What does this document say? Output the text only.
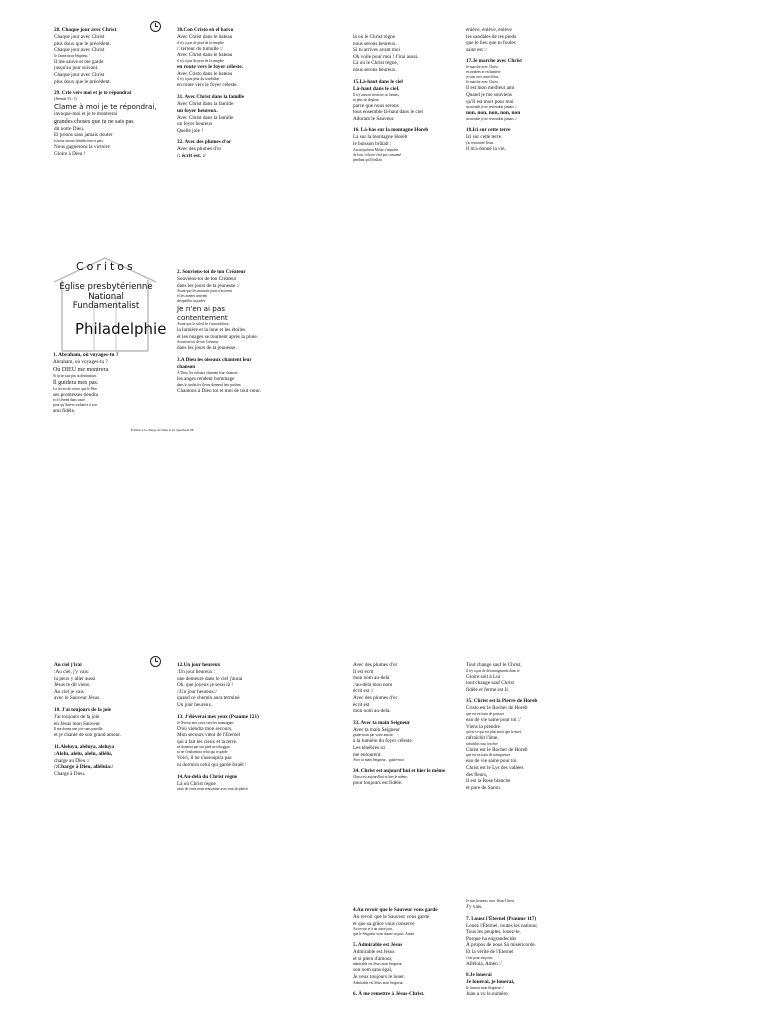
28. Chaque jour avec Christ
Chaque jour avec Christ
plus doux que le précédent.
Chaque jour avec Christ
Je l'aime mon Seigneur,
Il me sauve et me garde
jusqu'au jour suivant.
Chaque jour avec Christ
plus doux que le précédent.
29. Crie vers moi et je te répondrai
(Jérémie 33 : 3)
Clame à moi je te répondrai,
invoque-moi et je te montrerai
grandes choses que tu ne sais pas
dit notre Dieu.
Et prions sans jamais douter
et nous aurons bénédiction et paix.
Nous gagnerons la victoire
Gloire à Dieu !
30.Con Cristo en el barco
Avec Christ dans le bateau
il n'y a pas de peur de la tempête
/: terreur du tumulte :/
Avec Christ dans le bateau
il n'y a pas de peur de la tempête
en route vers le foyer céleste.
Avec Cristo dans le bateau
il n'y a pas peur du tourbillon
en route vers le foyer céleste.
31. Avec Christ dans la famille
Avec Christ dans la famille
un foyer heureux.
Avec Christ dans la famille
un foyer heureux
Quelle joie !
32. Avec des plumes d'or
Avec des plumes d'or
/: écrit est. :/
là où le Christ règne
nous serons heureux.
Si tu arrives avant moi
Oh voile pour moi ! J'irai aussi.
Là où le Christ règne,
nous serons heureux.
15.Là-haut dans le ciel
Là-haut dans le ciel.
Il n'y aura ni tristesse, ni larmes,
ni plus de douleur
parce que nous serons
tous ensemble là-haut dans le ciel
Adorant le Sauveur.
16. Là-bas sur la montagne Horeb
Là sur la montagne Horeb
le buisson brûlait :
Aucun présent Moïse s'inquiète
de loin, cela ne s'est pas consumé
pendant qu'il brûlait
enlève, enlève, enlève
les sandales de tes pieds
que le lieu que tu foules
saint est :/
17.Je marche avec Christ
Je marche avec Christ,
en ombres et en lumière
je suis avec mon Jésus.
Je marche avec Christ,
Il est mon meilleur ami
Quand je me souviens
qu'Il est mort pour moi
au monde je ne reviendrai jamais :/
non, non, non, non, non
au monde je ne reviendrai jamais :/
18.Ici sur cette terre
Ici sur cette terre
j'ai rencontré Jésus
Il m'a donné la vie,
Coritos
Eglise presbytérienne National Fundamentalist
Philadelphie
Édition à la charge de Dieu et D. Quemada 08
1. Abraham, où voyages-tu ?
Abraham, où voyages-tu ?
Où DIEU me montrera.
Si tu ne sais pas ta destination.
Il guidera mes pas.
La foi est de croire que le Père
ses promesses tiendra
et il s'étend dans toute
pour qu'Amen confiance à son
ami fidèle.
2. Souviens-toi de ton Créateur
Souviens-toi de ton Créateur
dans les jours de ta jeunesse :/
Avant que les mauvais jours n'arrivent
et les années arrivent
desquelles tu parles
Je n'en ai pas
contentement
Avant que le soleil ne s'assombrisse,
la lumière et la lune et les étoiles
et les nuages se tournent après la pluie.
Souviens-toi de ton Créateur
dans les jours de ta jeunesse.
3.A Dieu les oiseaux chantent leur
chanson
À Dieu, les oiseaux chantent leur chanson
les anges rendent hommage
dans le jardin les fleurs donnent leur parfum
Chantons à Dieu toi et moi de tout cœur.
Au ciel j'irai
:Au ciel, j'y vais:
tu peux y aller aussi
Jésus te dit viens
Au ciel je vais
avec le Sauveur Jésus.
10. J'ai toujours de la joie
J'ai toujours de la joie
en Jésus mon Sauveur
Il me donne une joie sans pareille
et je chante de son grand amour.
11.Aleluya, aleluya, aleluya
:Alelu, alelu, alelu, allélu,
charge au Dieu :/
/:Charge à Dieu, alléluia:/
Charge à Dieu.
12.Un jour heureux
:Un jour heureux :
une demeure dans le ciel j'aurai
Oh, que joyeux je serai là !
/:Un jour heureux:/
quand ce chemin aura terminé
Un jour heureux.
13. J'élèverai mes yeux (Psaume 121)
Je lèverai mes yeux vers les montagnes
D'où viendra mon secours,
Mon secours vient de l'Eternel
qui a fait les cieux et la terre.
ne donnera pas ton pied au toboggan
ni ne s'endormira celui qui te garde
Voici, il ne s'assoupira pas
ni dormira celui qui garde Israël :
14.Au-delà du Christ règne
Là où Christ règne
nous de votre nous rencontrer avec tout de plaisir
Avec des plumes d'or
Il est écrit
mon nom au-delà
:/au-delà mon nom
écrit est :/
Avec des plumes d'or
écrit est
mon nom au-delà.
33. Avec ta main Seigneur
Avec ta main Seigneur
guide-nous par votre amour
à la lumière du foyer céleste.
Les ténèbres ici
me entourent.
Avec ta main Seigneur... guide-moi.
34. Christ est aujourd'hui et hier le même
Christ est aujourd'hui et hier le même,
pour toujours est fidèle.
Tout change sauf le Christ,
il n'y a pas de découragement dans le
Gloire soit à Lui :
tout change sauf Christ
fidèle et ferme est Il.
35. Christ est la Pierre de Horeb
Cristo est le Rocher de Horeb
que est en train de pousser
eau de vie saine pour toi :/
Viens la prendre
qu'est-ce qui est plus aussi que le miel,
rafraîchit l'âme,
rafraîchis tout ton être
Christ est le Rocher de Horeb
que est en train de transgresser
eau de vie saine pour toi.
Christ est le Lys des vallées
des fleurs,
Il est la Rose blanche
et pure de Saron.
4.Au revoir que le Sauveur vous garde
Au revoir que le Sauveur vous garde
et que sa grâce vous conserve
Au revoir et à un autre jour,
que le Seigneur vous donne sa paix. Amen
5. Admirable est Jésus
Admirable est Jésus
et si plein d'amour,
admirable est Jésus mon Seigneur,
son nom sans égal,
Je veux toujours le louer.
Admirable est Jésus mon Seigneur.
6. À me remettre à Jésus-Christ.
Je suis heureux avec Jésus-Christ,
J'y vais.
7. Louez l'Éternel (Psaume 117)
Louez l'Éternel, toutes les nations;
Tous les peuples, louez-le.
Porque ha engrandecido
À propos de nous Sa miséricorde.
Et la vérité de l'Eternel
c'est pour toujours
Alléluia, Amen :/
8.Je louerai
Je louerai, je louerai,
Je louerai mon Seigneur :/
Juan a vu le numéro
